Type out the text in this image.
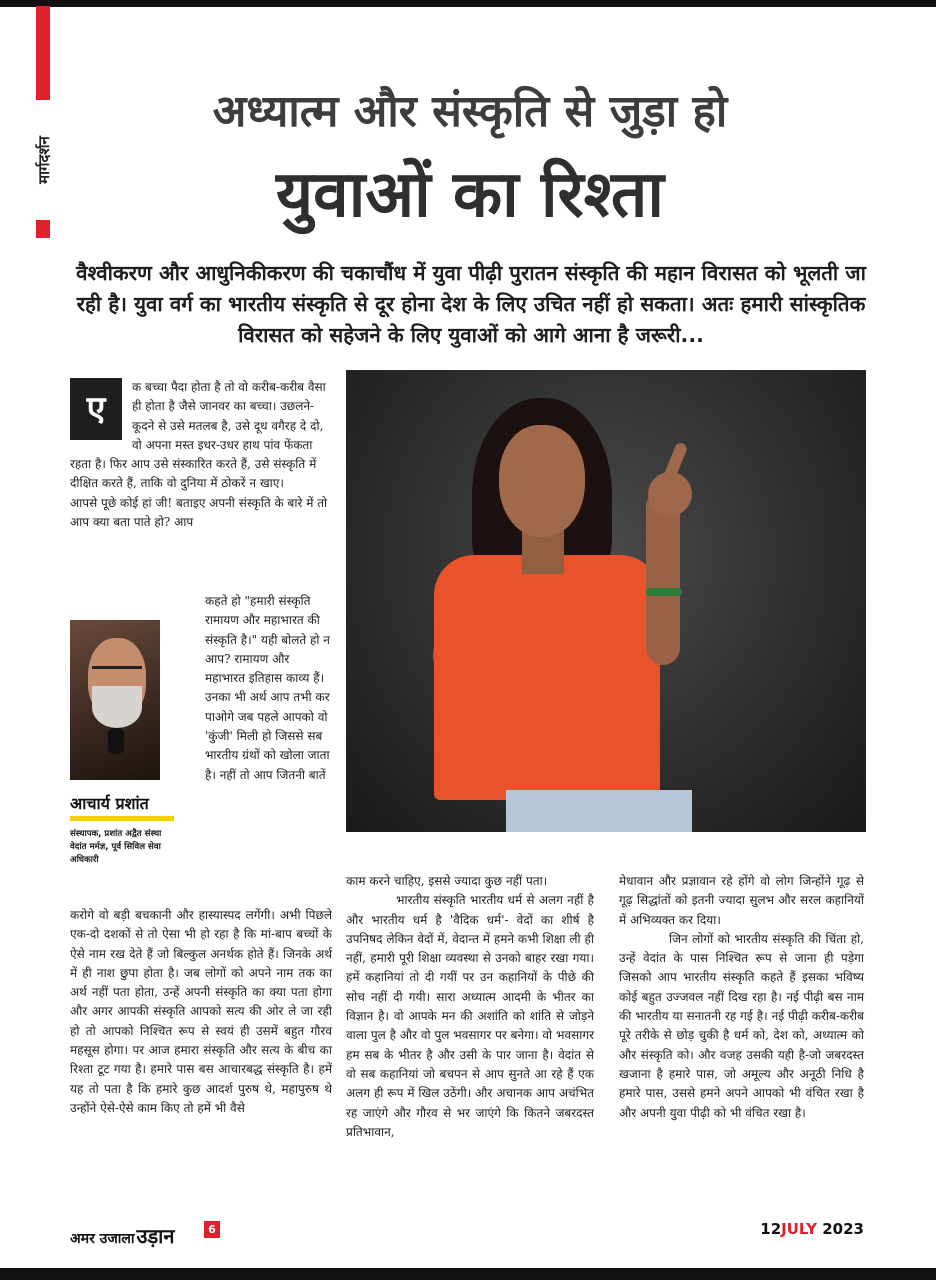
मार्गदर्शन
अध्यात्म और संस्कृति से जुड़ा हो
युवाओं का रिश्ता
वैश्वीकरण और आधुनिकीकरण की चकाचौंध में युवा पीढ़ी पुरातन संस्कृति की महान विरासत को भूलती जा रही है। युवा वर्ग का भारतीय संस्कृति से दूर होना देश के लिए उचित नहीं हो सकता। अतः हमारी सांस्कृतिक विरासत को सहेजने के लिए युवाओं को आगे आना है जरूरी...
ए

क बच्चा पैदा होता है तो वो करीब-करीब वैसा ही होता है जैसे जानवर का बच्चा। उछलने-कूदने से उसे मतलब है, उसे दूध वगैरह दे दो, वो अपना मस्त इधर-उधर हाथ पांव फेंकता रहता है। फिर आप उसे संस्कारित करते हैं, उसे संस्कृति में दीक्षित करते हैं, ताकि वो दुनिया में ठोकरें न खाए।

आपसे पूछे कोई हां जी! बताइए अपनी संस्कृति के बारे में तो आप क्या बता पाते हो? आप

आचार्य प्रशांत
संस्थापक, प्रशांत अद्वैत संस्था वेदांत मर्मज्ञ, पूर्व सिविल सेवा अधिकारी
कहते हो "हमारी संस्कृति रामायण और महाभारत की संस्कृति है।" यही बोलते हो न आप? रामायण और महाभारत इतिहास काव्य हैं। उनका भी अर्थ आप तभी कर पाओगे जब पहले आपको वो 'कुंजी' मिली हो जिससे सब भारतीय ग्रंथों को खोला जाता है। नहीं तो आप जितनी बातें
करोगे वो बड़ी बचकानी और हास्यास्पद लगेंगी। अभी पिछले एक-दो दशकों से तो ऐसा भी हो रहा है कि मां-बाप बच्चों के ऐसे नाम रख देते हैं जो बिल्कुल अनर्थक होते हैं। जिनके अर्थ में ही नाश छुपा होता है। जब लोगों को अपने नाम तक का अर्थ नहीं पता होता, उन्हें अपनी संस्कृति का क्या पता होगा और अगर आपकी संस्कृति आपको सत्य की ओर ले जा रही हो तो आपको निश्चित रूप से स्वयं ही उसमें बहुत गौरव महसूस होगा। पर आज हमारा संस्कृति और सत्य के बीच का रिश्ता टूट गया है। हमारे पास बस आचारबद्ध संस्कृति है। हमें यह तो पता है कि हमारे कुछ आदर्श पुरुष थे, महापुरुष थे उन्होंने ऐसे-ऐसे काम किए तो हमें भी वैसे
काम करने चाहिए, इससे ज्यादा कुछ नहीं पता।
भारतीय संस्कृति भारतीय धर्म से अलग नहीं है और भारतीय धर्म है 'वैदिक धर्म'- वेदों का शीर्ष है उपनिषद लेकिन वेदों में, वेदान्त में हमने कभी शिक्षा ली ही नहीं, हमारी पूरी शिक्षा व्यवस्था से उनको बाहर रखा गया। हमें कहानियां तो दी गयीं पर उन कहानियों के पीछे की सोच नहीं दी गयी। सारा अध्यात्म आदमी के भीतर का विज्ञान है। वो आपके मन की अशांति को शांति से जोड़ने वाला पुल है और वो पुल भवसागर पर बनेगा। वो भवसागर हम सब के भीतर है और उसी के पार जाना है। वेदांत से वो सब कहानियां जो बचपन से आप सुनते आ रहे हैं एक अलग ही रूप में खिल उठेंगी। और अचानक आप अचंभित रह जाएंगे और गौरव से भर जाएंगे कि कितने जबरदस्त प्रतिभावान,
मेधावान और प्रज्ञावान रहे होंगे वो लोग जिन्होंने गूढ़ से गूढ़ सिद्धांतों को इतनी ज्यादा सुलभ और सरल कहानियों में अभिव्यक्त कर दिया।
जिन लोगों को भारतीय संस्कृति की चिंता हो, उन्हें वेदांत के पास निश्चित रूप से जाना ही पड़ेगा जिसको आप भारतीय संस्कृति कहते हैं इसका भविष्य कोई बहुत उज्जवल नहीं दिख रहा है। नई पीढ़ी बस नाम की भारतीय या सनातनी रह गई है। नई पीढ़ी करीब-करीब पूरे तरीके से छोड़ चुकी है धर्म को, देश को, अध्यात्म को और संस्कृति को। और वजह उसकी यही है-जो जबरदस्त खजाना है हमारे पास, जो अमूल्य और अनूठी निधि है हमारे पास, उससे हमने अपने आपको भी वंचित रखा है और अपनी युवा पीढ़ी को भी वंचित रखा है।
अमर उजाला उड़ान	6	12JULY 2023
